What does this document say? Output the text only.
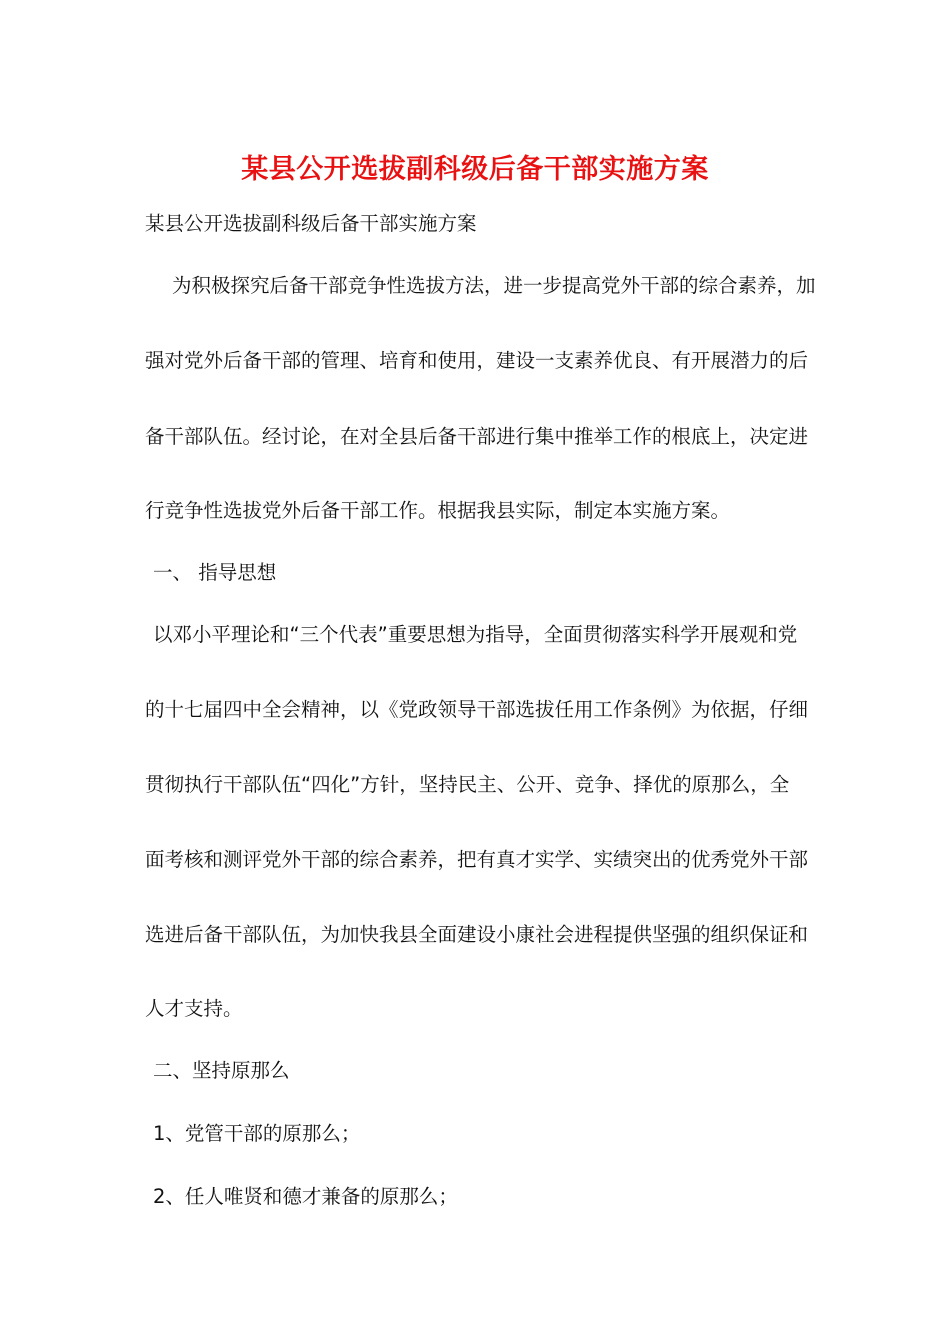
某县公开选拔副科级后备干部实施方案
某县公开选拔副科级后备干部实施方案
为积极探究后备干部竞争性选拔方法，进一步提高党外干部的综合素养，加
强对党外后备干部的管理、培育和使用，建设一支素养优良、有开展潜力的后
备干部队伍。经讨论，在对全县后备干部进行集中推举工作的根底上，决定进
行竞争性选拔党外后备干部工作。根据我县实际，制定本实施方案。
一、 指导思想
以邓小平理论和“三个代表”重要思想为指导，全面贯彻落实科学开展观和党
的十七届四中全会精神，以《党政领导干部选拔任用工作条例》为依据，仔细
贯彻执行干部队伍“四化”方针，坚持民主、公开、竞争、择优的原那么，全
面考核和测评党外干部的综合素养，把有真才实学、实绩突出的优秀党外干部
选进后备干部队伍，为加快我县全面建设小康社会进程提供坚强的组织保证和
人才支持。
二、坚持原那么
1、党管干部的原那么；
2、任人唯贤和德才兼备的原那么；
